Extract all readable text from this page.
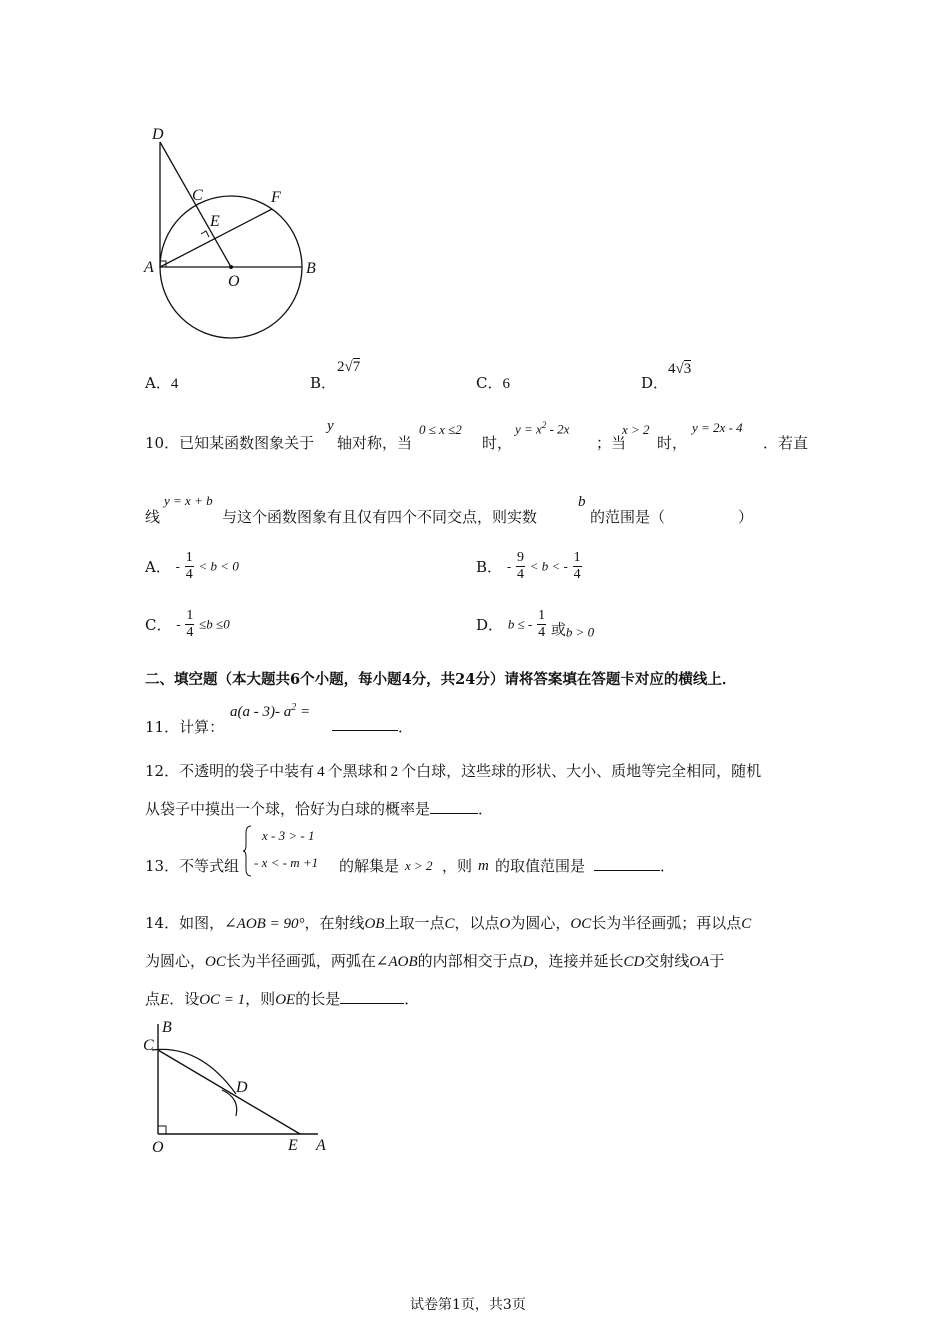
D
C
E
F
A
O
B
A．4	B．
2√7
C．6	D．
4√3
10．已知某函数图象关于
y
轴对称，当
0 ≤ x ≤2
时，
$y = x^2 - 2x$
；当
x > 2
时，
y = 2x - 4
．若直
线
y = x + b
与这个函数图象有且仅有四个不同交点，则实数
b
的范围是（	）
A． - $\frac{1}{4} < b < 0$	B． - $\frac{9}{4} < b$ < - $\frac{1}{4}$
C． - $\frac{1}{4} \le b \le 0$	D． b ≤ - $\frac{1}{4}$ 或b > 0
二、填空题（本大题共6个小题，每小题4分，共24分）请将答案填在答题卡对应的横线上．
11．计算：
a(a - 3)- $a^2$ =
．
12．不透明的袋子中装有 4 个黑球和 2 个白球，这些球的形状、大小、质地等完全相同，随机
从袋子中摸出一个球，恰好为白球的概率是	．
x - 3 > - 1
- x < - m +1
13．不等式组	的解集是 x > 2 ，则 m 的取值范围是	．
14．如图，∠AOB = 90°，在射线OB上取一点C，以点O为圆心，OC长为半径画弧；再以点C
为圆心，OC长为半径画弧，两弧在∠AOB的内部相交于点D，连接并延长CD交射线OA于
点E．设OC = 1，则OE的长是	．
B
C
D
O	E A
试卷第1页，共3页
